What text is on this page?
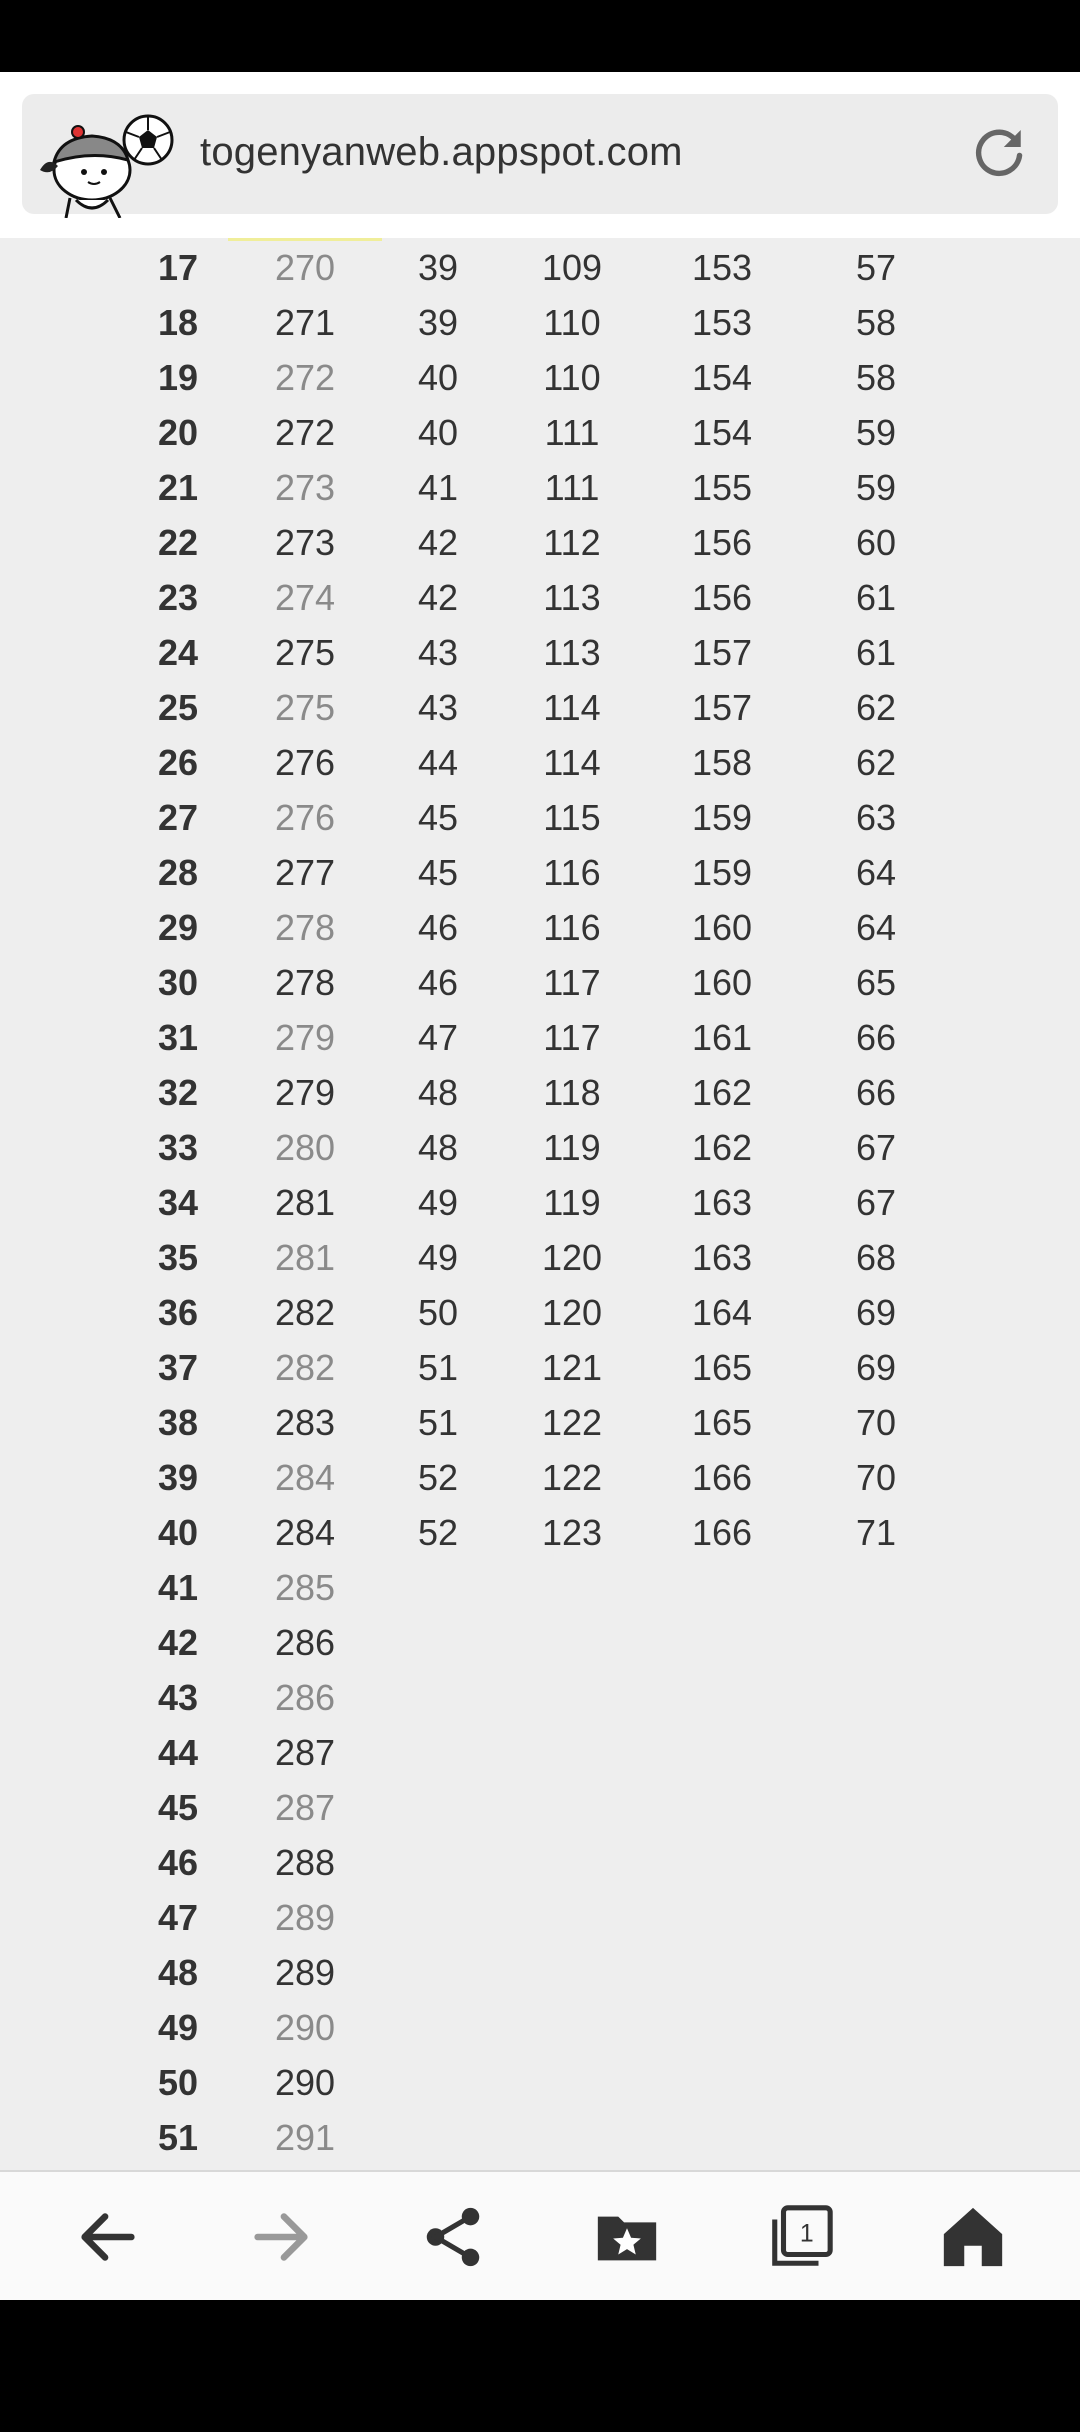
togenyanweb.appspot.com
17	270	39	109	153	57
18	271	39	110	153	58
19	272	40	110	154	58
20	272	40	111	154	59
21	273	41	111	155	59
22	273	42	112	156	60
23	274	42	113	156	61
24	275	43	113	157	61
25	275	43	114	157	62
26	276	44	114	158	62
27	276	45	115	159	63
28	277	45	116	159	64
29	278	46	116	160	64
30	278	46	117	160	65
31	279	47	117	161	66
32	279	48	118	162	66
33	280	48	119	162	67
34	281	49	119	163	67
35	281	49	120	163	68
36	282	50	120	164	69
37	282	51	121	165	69
38	283	51	122	165	70
39	284	52	122	166	70
40	284	52	123	166	71
41	285
42	286
43	286
44	287
45	287
46	288
47	289
48	289
49	290
50	290
51	291
1
